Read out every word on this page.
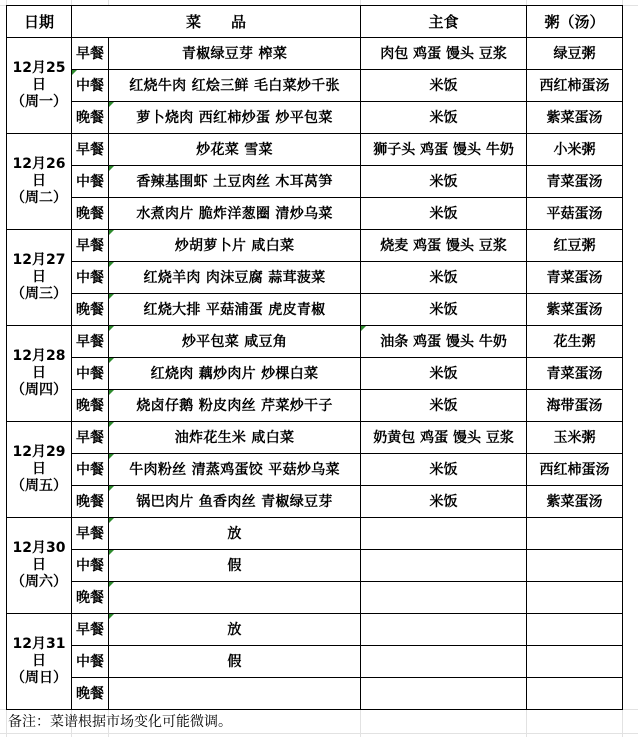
日期	菜　　品		主食	粥（汤）

12月25
日
（周一）	早餐	青椒绿豆芽 榨菜	肉包 鸡蛋 馒头 豆浆	绿豆粥
	中餐	红烧牛肉 红烩三鲜 毛白菜炒千张	米饭	西红柿蛋汤
	晚餐	萝卜烧肉 西红柿炒蛋 炒平包菜	米饭	紫菜蛋汤

12月26
日
（周二）	早餐	炒花菜 雪菜	狮子头 鸡蛋 馒头 牛奶	小米粥
	中餐	香辣基围虾 土豆肉丝 木耳莴笋	米饭	青菜蛋汤
	晚餐	水煮肉片 脆炸洋葱圈 清炒乌菜	米饭	平菇蛋汤

12月27
日
（周三）	早餐	炒胡萝卜片 咸白菜	烧麦 鸡蛋 馒头 豆浆	红豆粥
	中餐	红烧羊肉 肉沫豆腐 蒜茸菠菜	米饭	青菜蛋汤
	晚餐	红烧大排 平菇浦蛋 虎皮青椒	米饭	紫菜蛋汤

12月28
日
（周四）	早餐	炒平包菜 咸豆角	油条 鸡蛋 馒头 牛奶	花生粥
	中餐	红烧肉 藕炒肉片 炒棵白菜	米饭	青菜蛋汤
	晚餐	烧卤仔鹅 粉皮肉丝 芹菜炒干子	米饭	海带蛋汤

12月29
日
（周五）	早餐	油炸花生米 咸白菜	奶黄包 鸡蛋 馒头 豆浆	玉米粥
	中餐	牛肉粉丝 清蒸鸡蛋饺 平菇炒乌菜	米饭	西红柿蛋汤
	晚餐	锅巴肉片 鱼香肉丝 青椒绿豆芽	米饭	紫菜蛋汤

12月30
日
（周六）	早餐	放		
	中餐	假		
	晚餐			

12月31
日
（周日）	早餐	放		
	中餐	假		
	晚餐			
备注：菜谱根据市场变化可能微调。
